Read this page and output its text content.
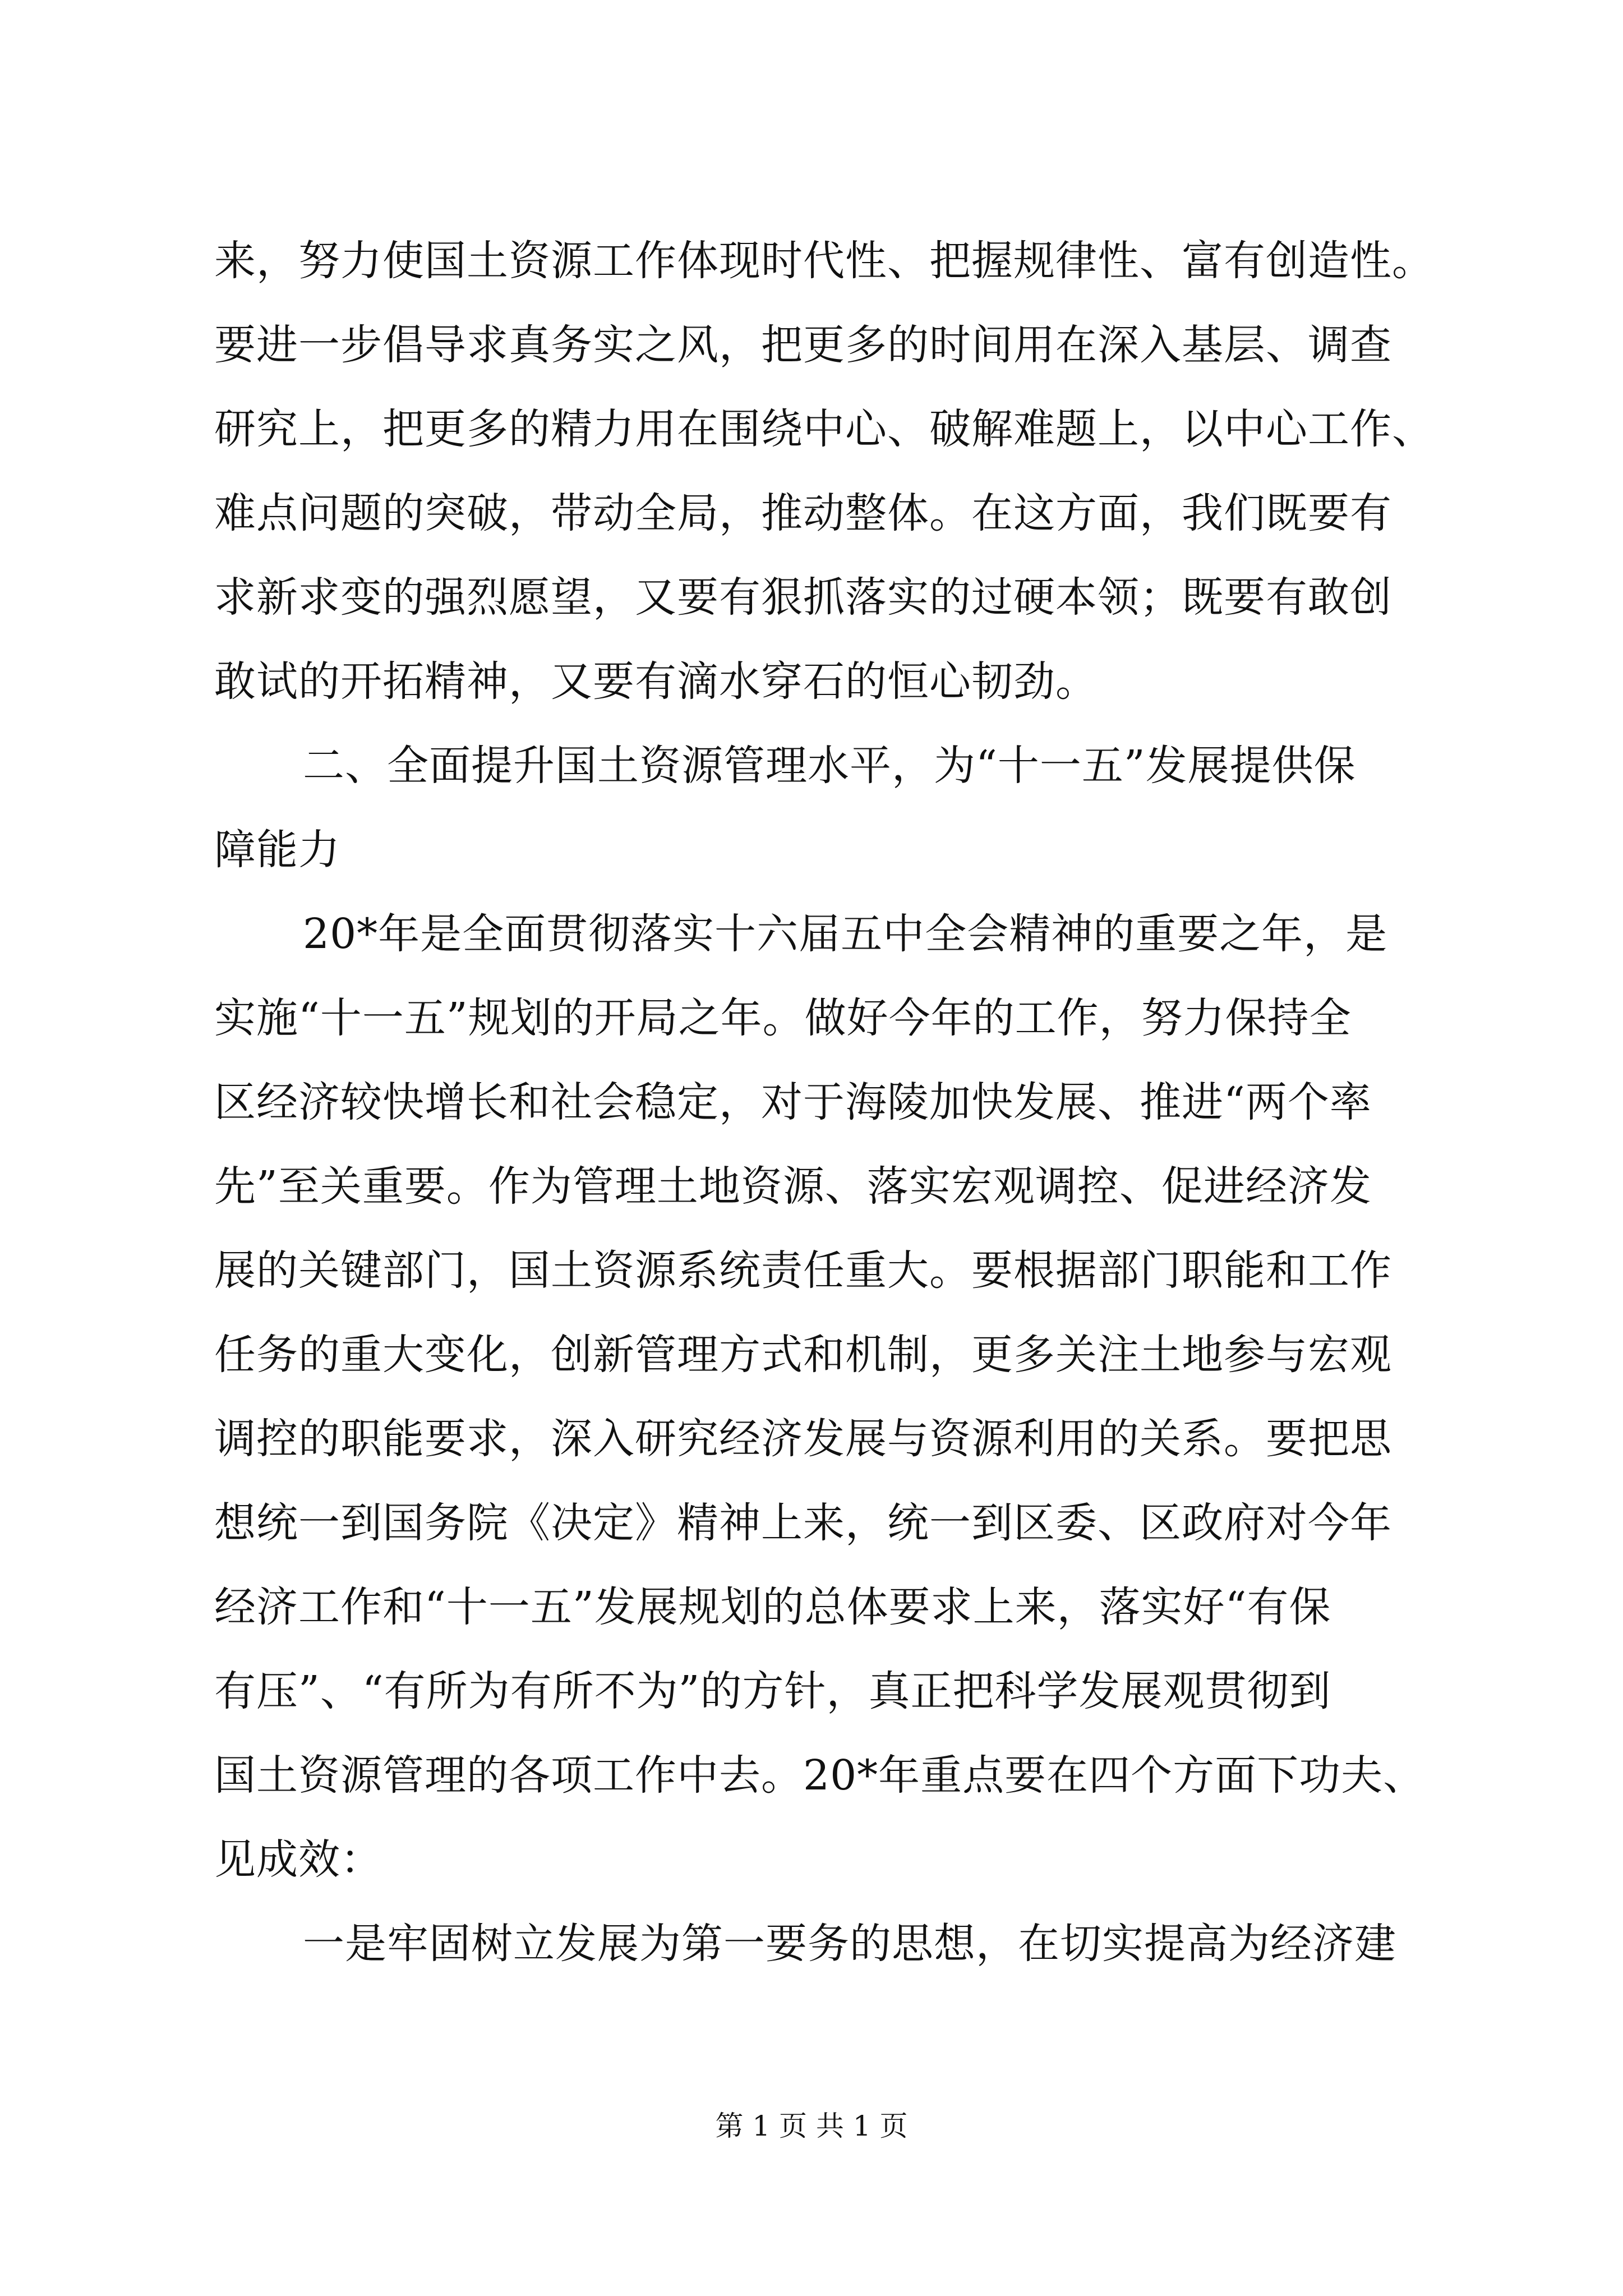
来，努力使国土资源工作体现时代性、把握规律性、富有创造性。
要进一步倡导求真务实之风，把更多的时间用在深入基层、调查
研究上，把更多的精力用在围绕中心、破解难题上，以中心工作、
难点问题的突破，带动全局，推动整体。在这方面，我们既要有
求新求变的强烈愿望，又要有狠抓落实的过硬本领；既要有敢创
敢试的开拓精神，又要有滴水穿石的恒心韧劲。
二、全面提升国土资源管理水平，为“十一五”发展提供保
障能力
20*年是全面贯彻落实十六届五中全会精神的重要之年，是
实施“十一五”规划的开局之年。做好今年的工作，努力保持全
区经济较快增长和社会稳定，对于海陵加快发展、推进“两个率
先”至关重要。作为管理土地资源、落实宏观调控、促进经济发
展的关键部门，国土资源系统责任重大。要根据部门职能和工作
任务的重大变化，创新管理方式和机制，更多关注土地参与宏观
调控的职能要求，深入研究经济发展与资源利用的关系。要把思
想统一到国务院《决定》精神上来，统一到区委、区政府对今年
经济工作和“十一五”发展规划的总体要求上来，落实好“有保
有压”、“有所为有所不为”的方针，真正把科学发展观贯彻到
国土资源管理的各项工作中去。20*年重点要在四个方面下功夫、
见成效：
一是牢固树立发展为第一要务的思想，在切实提高为经济建
第 1 页 共 1 页
